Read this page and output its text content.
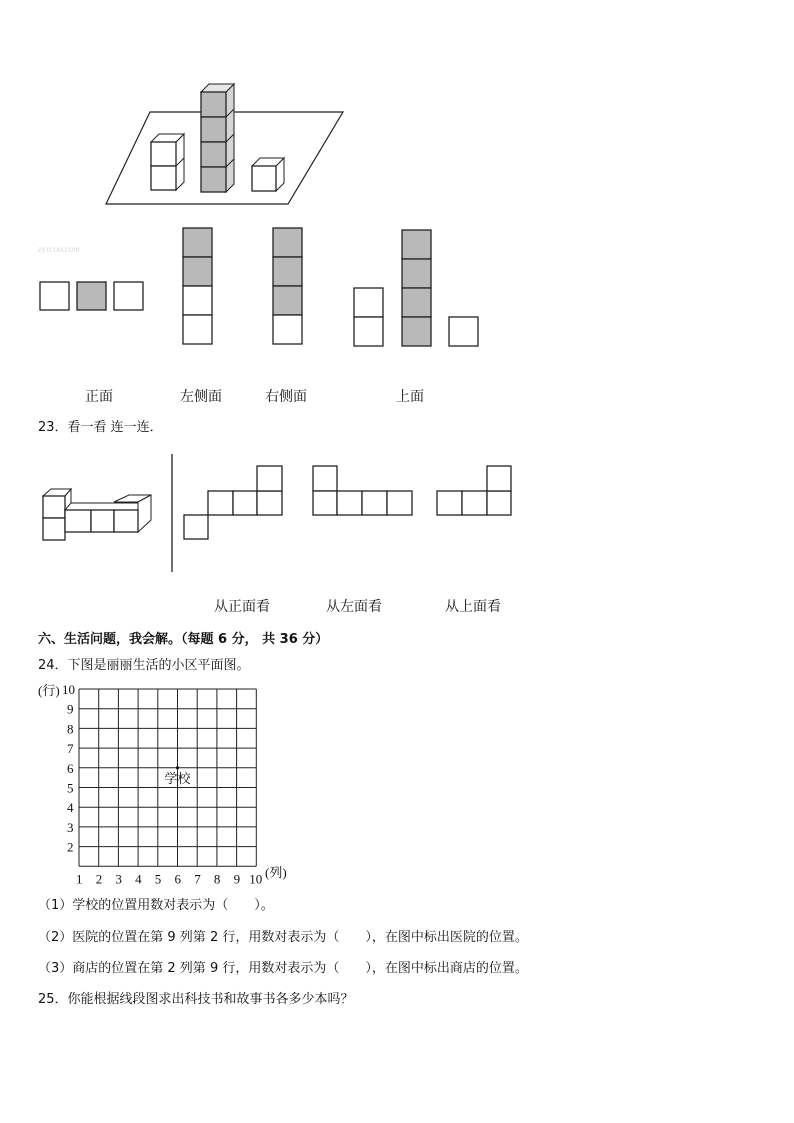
zyxcoo.com
10
9
8
7
6
5
4
3
2
1 2 3 4 5 6 7 8 9 10
(行)
(列)
学校
正面	左侧面	右侧面	上面
23．看一看 连一连．
从正面看	从左面看	从上面看
六、生活问题，我会解。（每题 6 分， 共 36 分）
24．下图是丽丽生活的小区平面图。
（1）学校的位置用数对表示为（　　）。
（2）医院的位置在第 9 列第 2 行，用数对表示为（　　），在图中标出医院的位置。
（3）商店的位置在第 2 列第 9 行，用数对表示为（　　），在图中标出商店的位置。
25．你能根据线段图求出科技书和故事书各多少本吗？
